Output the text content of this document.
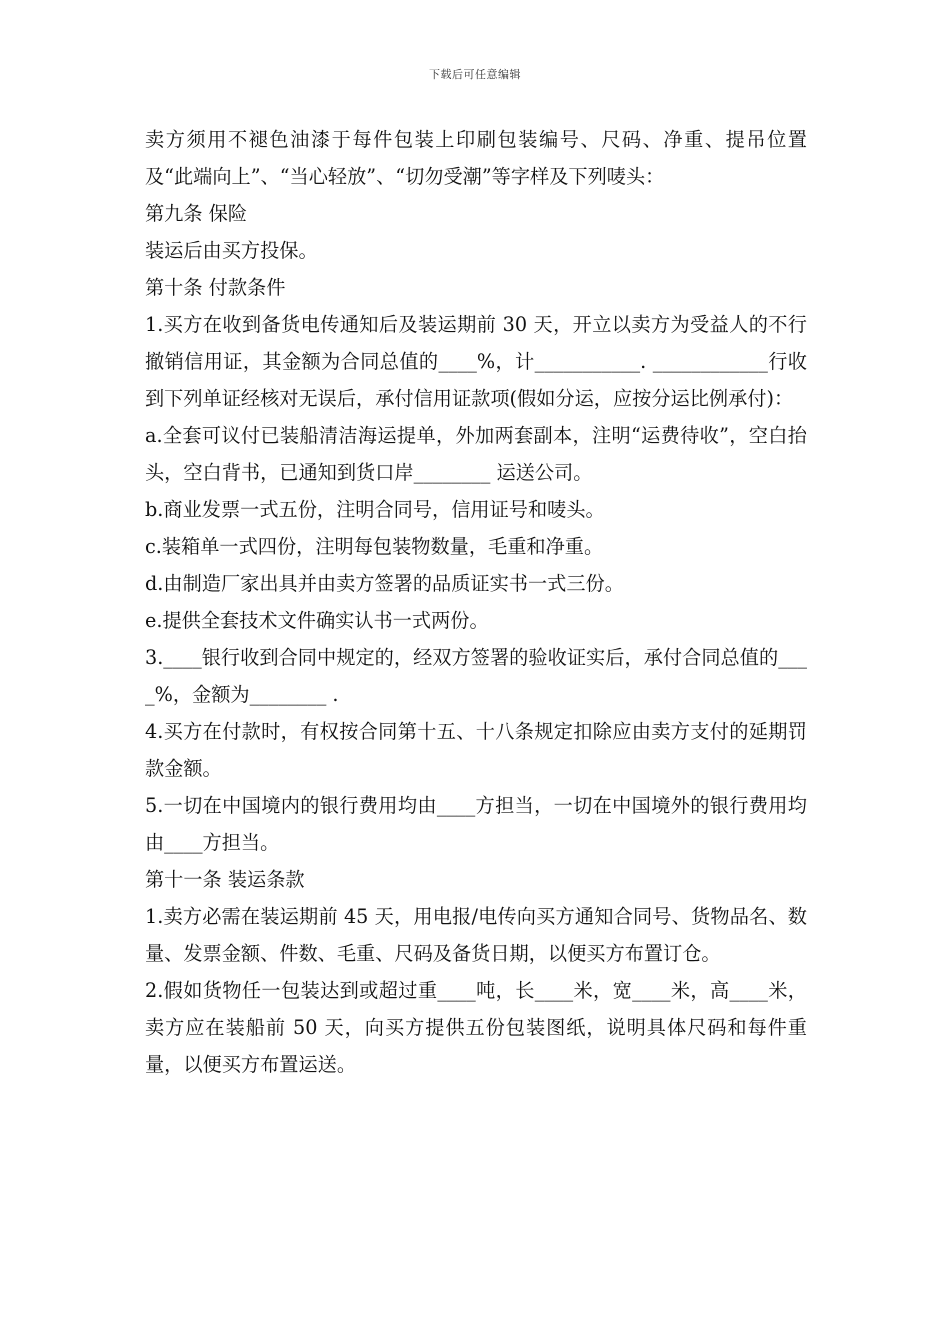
下载后可任意编辑

卖方须用不褪色油漆于每件包装上印刷包装编号、尺码、净重、提吊位置及“此端向上”、“当心轻放”、“切勿受潮”等字样及下列唛头：

第九条 保险

装运后由买方投保。

第十条 付款条件

1.买方在收到备货电传通知后及装运期前 30 天，开立以卖方为受益人的不行撤销信用证，其金额为合同总值的____%，计___________. ____________行收到下列单证经核对无误后，承付信用证款项(假如分运，应按分运比例承付)：

a.全套可议付已装船清洁海运提单，外加两套副本，注明“运费待收”，空白抬头，空白背书，已通知到货口岸________ 运送公司。

b.商业发票一式五份，注明合同号，信用证号和唛头。

c.装箱单一式四份，注明每包装物数量，毛重和净重。

d.由制造厂家出具并由卖方签署的品质证实书一式三份。

e.提供全套技术文件确实认书一式两份。

3.____银行收到合同中规定的，经双方签署的验收证实后，承付合同总值的____%，金额为________ .

4.买方在付款时，有权按合同第十五、十八条规定扣除应由卖方支付的延期罚款金额。

5.一切在中国境内的银行费用均由____方担当，一切在中国境外的银行费用均由____方担当。

第十一条 装运条款

1.卖方必需在装运期前 45 天，用电报/电传向买方通知合同号、货物品名、数量、发票金额、件数、毛重、尺码及备货日期，以便买方布置订仓。

2.假如货物任一包装达到或超过重____吨，长____米，宽____米，高____米，卖方应在装船前 50 天，向买方提供五份包装图纸，说明具体尺码和每件重量，以便买方布置运送。
